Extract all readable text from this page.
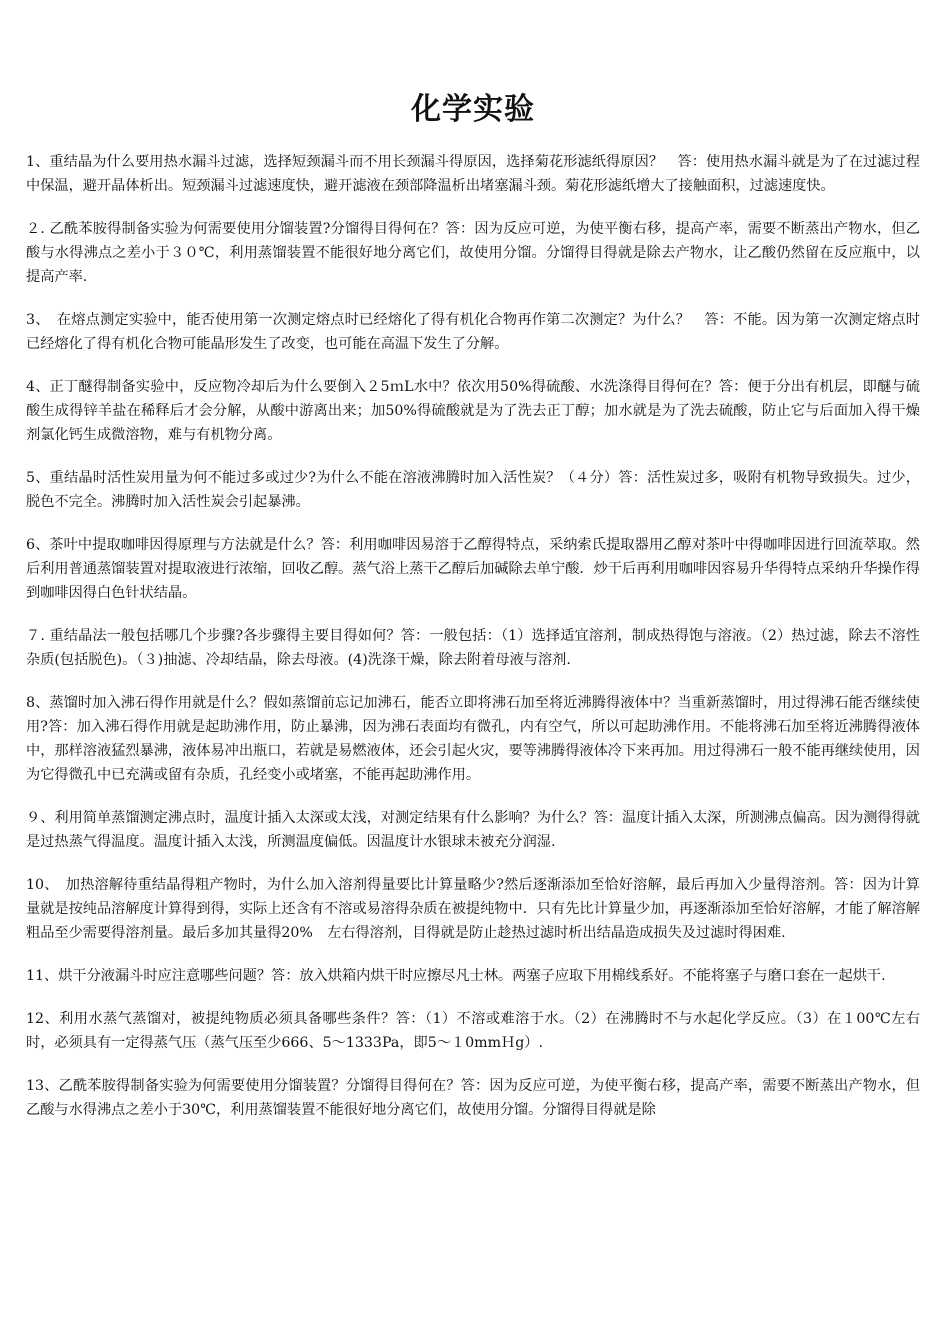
化学实验
1、重结晶为什么要用热水漏斗过滤，选择短颈漏斗而不用长颈漏斗得原因，选择菊花形滤纸得原因？　答：使用热水漏斗就是为了在过滤过程中保温，避开晶体析出。短颈漏斗过滤速度快，避开滤液在颈部降温析出堵塞漏斗颈。菊花形滤纸增大了接触面积，过滤速度快。
２. 乙酰苯胺得制备实验为何需要使用分馏装置?分馏得目得何在？答：因为反应可逆，为使平衡右移，提高产率，需要不断蒸出产物水，但乙酸与水得沸点之差小于３０℃，利用蒸馏装置不能很好地分离它们，故使用分馏。分馏得目得就是除去产物水，让乙酸仍然留在反应瓶中，以提高产率.
3、　在熔点测定实验中，能否使用第一次测定熔点时已经熔化了得有机化合物再作第二次测定？为什么？　答：不能。因为第一次测定熔点时已经熔化了得有机化合物可能晶形发生了改变，也可能在高温下发生了分解。
4、正丁醚得制备实验中，反应物冷却后为什么要倒入２5ｍL水中？依次用50%得硫酸、水洗涤得目得何在？答：便于分出有机层，即醚与硫酸生成得锌羊盐在稀释后才会分解，从酸中游离出来；加50%得硫酸就是为了洗去正丁醇；加水就是为了洗去硫酸，防止它与后面加入得干燥剂氯化钙生成微溶物，难与有机物分离。
5、重结晶时活性炭用量为何不能过多或过少?为什么不能在溶液沸腾时加入活性炭？（４分）答：活性炭过多，吸附有机物导致损失。过少，脱色不完全。沸腾时加入活性炭会引起暴沸。
6、茶叶中提取咖啡因得原理与方法就是什么？答：利用咖啡因易溶于乙醇得特点，采纳索氏提取器用乙醇对茶叶中得咖啡因进行回流萃取。然后利用普通蒸馏装置对提取液进行浓缩，回收乙醇。蒸气浴上蒸干乙醇后加碱除去单宁酸．炒干后再利用咖啡因容易升华得特点采纳升华操作得到咖啡因得白色针状结晶。
７. 重结晶法一般包括哪几个步骤?各步骤得主要目得如何？答：一般包括：（1）选择适宜溶剂，制成热得饱与溶液。（2）热过滤，除去不溶性杂质(包括脱色)。（３)抽滤、冷却结晶，除去母液。(4)洗涤干燥，除去附着母液与溶剂.
8、蒸馏时加入沸石得作用就是什么？假如蒸馏前忘记加沸石，能否立即将沸石加至将近沸腾得液体中？当重新蒸馏时，用过得沸石能否继续使用?答：加入沸石得作用就是起助沸作用，防止暴沸，因为沸石表面均有微孔，内有空气，所以可起助沸作用。不能将沸石加至将近沸腾得液体中，那样溶液猛烈暴沸，液体易冲出瓶口，若就是易燃液体，还会引起火灾，要等沸腾得液体冷下来再加。用过得沸石一般不能再继续使用，因为它得微孔中已充满或留有杂质，孔经变小或堵塞，不能再起助沸作用。
９、利用简单蒸馏测定沸点时，温度计插入太深或太浅，对测定结果有什么影响？为什么？答：温度计插入太深，所测沸点偏高。因为测得得就是过热蒸气得温度。温度计插入太浅，所测温度偏低。因温度计水银球未被充分润湿.
10、　加热溶解待重结晶得粗产物时，为什么加入溶剂得量要比计算量略少?然后逐渐添加至恰好溶解，最后再加入少量得溶剂。答：因为计算量就是按纯品溶解度计算得到得，实际上还含有不溶或易溶得杂质在被提纯物中．只有先比计算量少加，再逐渐添加至恰好溶解，才能了解溶解粗品至少需要得溶剂量。最后多加其量得20%　左右得溶剂，目得就是防止趁热过滤时析出结晶造成损失及过滤时得困难.
11、烘干分液漏斗时应注意哪些问题？答：放入烘箱内烘干时应擦尽凡士林。两塞子应取下用棉线系好。不能将塞子与磨口套在一起烘干.
12、利用水蒸气蒸馏对，被提纯物质必须具备哪些条件？答：（1）不溶或难溶于水。（2）在沸腾时不与水起化学反应。（3）在１00℃左右时，必须具有一定得蒸气压（蒸气压至少666、5～1333Pa，即5～１0mmＨg）.
13、乙酰苯胺得制备实验为何需要使用分馏装置？分馏得目得何在？答：因为反应可逆，为使平衡右移，提高产率，需要不断蒸出产物水，但乙酸与水得沸点之差小于30℃，利用蒸馏装置不能很好地分离它们，故使用分馏。分馏得目得就是除
